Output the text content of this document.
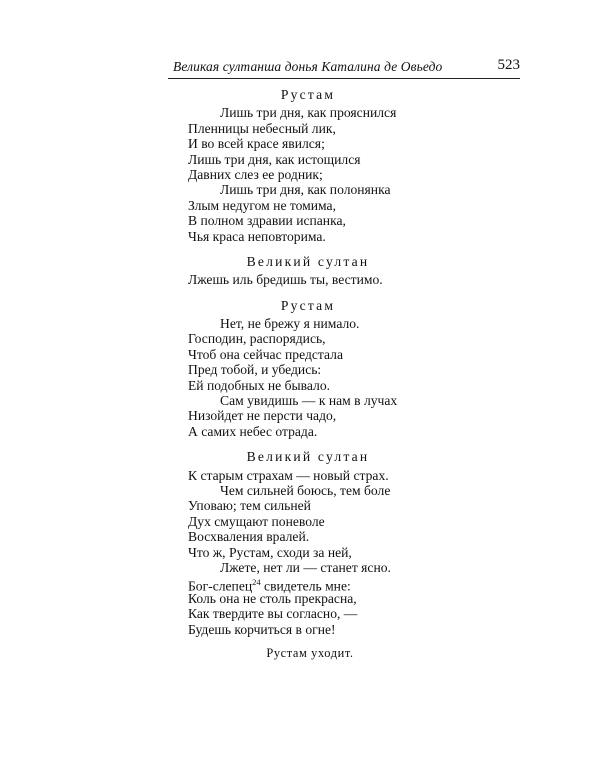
Великая султанша донья Каталина де Овьедо	523
Рустам
Лишь три дня, как прояснился
Пленницы небесный лик,
И во всей красе явился;
Лишь три дня, как истощился
Давних слез ее родник;
Лишь три дня, как полонянка
Злым недугом не томима,
В полном здравии испанка,
Чья краса неповторима.
Великий султан
Лжешь иль бредишь ты, вестимо.
Рустам
Нет, не брежу я нимало.
Господин, распорядись,
Чтоб она сейчас предстала
Пред тобой, и убедись:
Ей подобных не бывало.
Сам увидишь — к нам в лучах
Низойдет не персти чадо,
А самих небес отрада.
Великий султан
К старым страхам — новый страх.
Чем сильней боюсь, тем боле
Уповаю; тем сильней
Дух смущают поневоле
Восхваления вралей.
Что ж, Рустам, сходи за ней,
Лжете, нет ли — станет ясно.
Бог-слепец$^{24}$ свидетель мне:
Коль она не столь прекрасна,
Как твердите вы согласно, —
Будешь корчиться в огне!
Рустам уходит.
